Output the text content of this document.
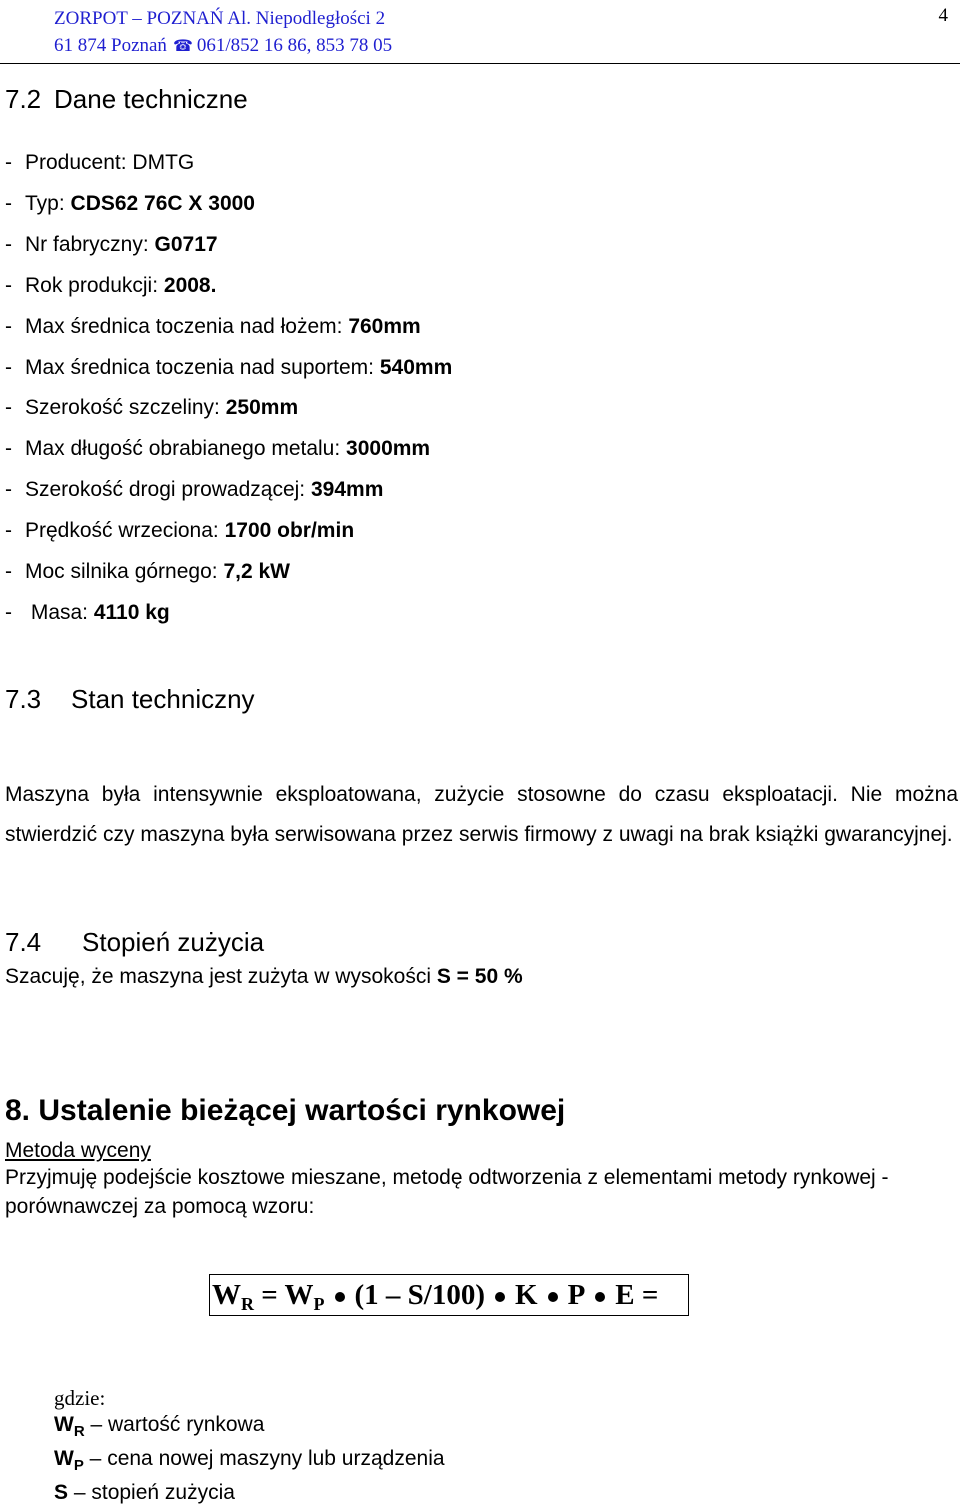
ZORPOT – POZNAŃ Al. Niepodległości 2
61 874 Poznań ☎ 061/852 16 86, 853 78 05
4
7.2 Dane techniczne
- Producent: DMTG
- Typ: CDS62 76C X 3000
- Nr fabryczny: G0717
- Rok produkcji: 2008.
- Max średnica toczenia nad łożem: 760mm
- Max średnica toczenia nad suportem: 540mm
- Szerokość szczeliny: 250mm
- Max długość obrabianego metalu: 3000mm
- Szerokość drogi prowadzącej: 394mm
- Prędkość wrzeciona: 1700 obr/min
- Moc silnika górnego: 7,2 kW
- Masa: 4110 kg
7.3 Stan techniczny
Maszyna była intensywnie eksploatowana, zużycie stosowne do czasu eksploatacji. Nie można stwierdzić czy maszyna była serwisowana przez serwis firmowy z uwagi na brak książki gwarancyjnej.
7.4 Stopień zużycia
Szacuję, że maszyna jest zużyta w wysokości S = 50 %
8. Ustalenie bieżącej wartości rynkowej
Metoda wyceny
Przyjmuję podejście kosztowe mieszane, metodę odtworzenia z elementami metody rynkowej - porównawczej za pomocą wzoru:
$W_R = W_P$ (1 – S/100) K P E =
gdzie:
$W_R$ – wartość rynkowa
$W_P$ – cena nowej maszyny lub urządzenia
S – stopień zużycia
